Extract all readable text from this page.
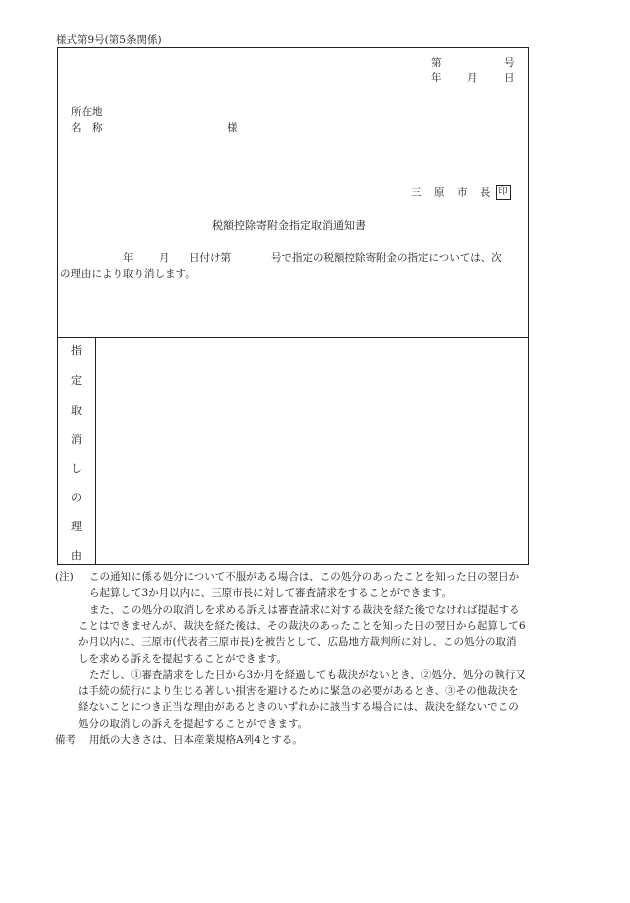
様式第9号(第5条関係)
第	号
年 月	日
所在地
名　称	様
三　原　市　長 印
税額控除寄附金指定取消通知書
年 月 日付け第	号で指定の税額控除寄附金の指定については、次
の理由により取り消します。
指
定
取
消
し
の
理
由
(注) この通知に係る処分について不服がある場合は、この処分のあったことを知った日の翌日か
ら起算して3か月以内に、三原市長に対して審査請求をすることができます。
また、この処分の取消しを求める訴えは審査請求に対する裁決を経た後でなければ提起する
ことはできませんが、裁決を経た後は、その裁決のあったことを知った日の翌日から起算して6
か月以内に、三原市(代表者三原市長)を被告として、広島地方裁判所に対し、この処分の取消
しを求める訴えを提起することができます。
ただし、①審査請求をした日から3か月を経過しても裁決がないとき、②処分、処分の執行又
は手続の続行により生じる著しい損害を避けるために緊急の必要があるとき、③その他裁決を
経ないことにつき正当な理由があるときのいずれかに該当する場合には、裁決を経ないでこの
処分の取消しの訴えを提起することができます。
備考 用紙の大きさは、日本産業規格A列4とする。
